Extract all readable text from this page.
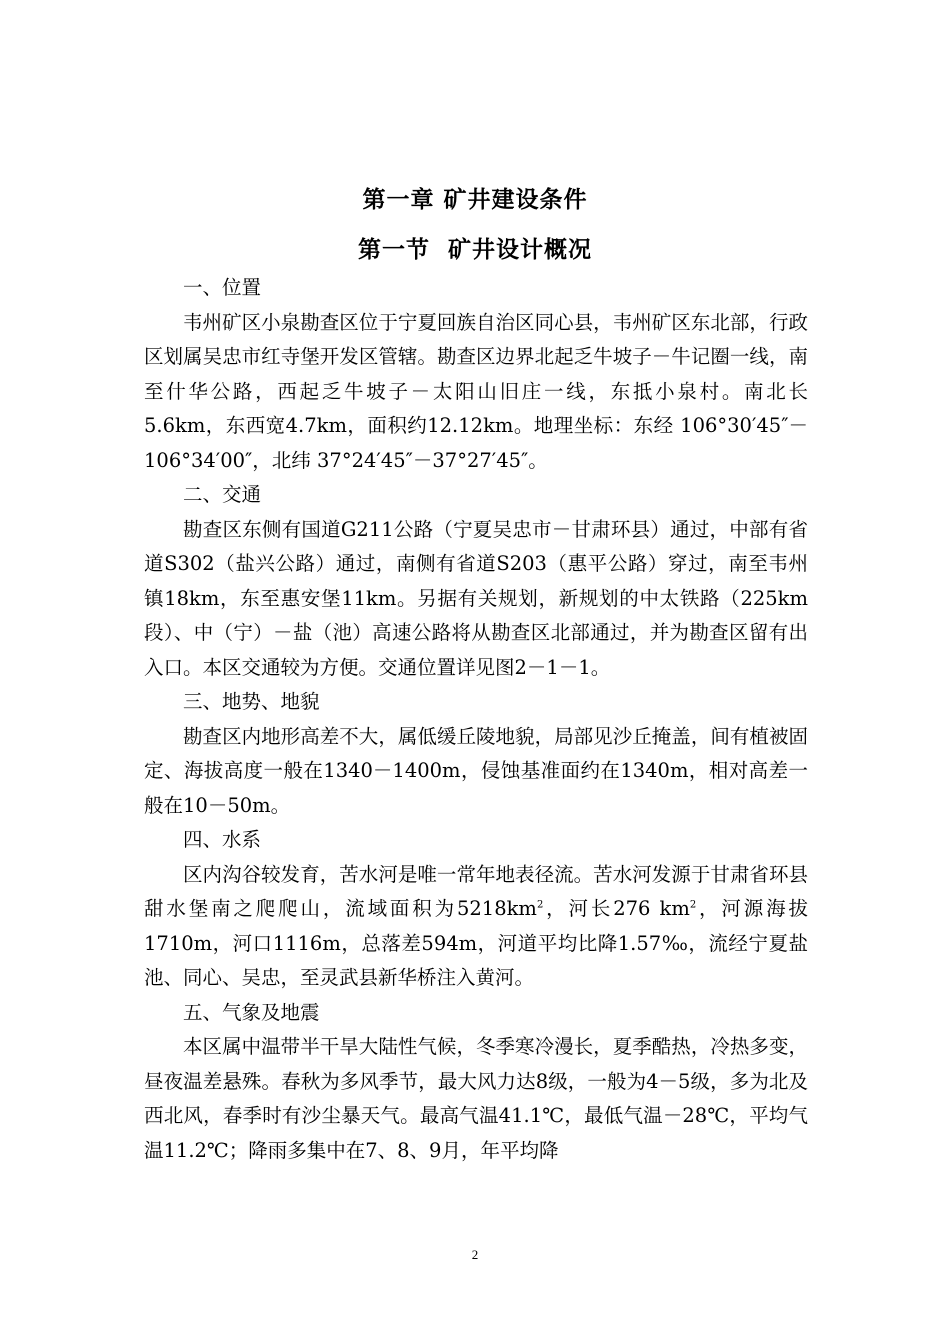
第一章 矿井建设条件
第一节  矿井设计概况

一、位置

韦州矿区小泉勘查区位于宁夏回族自治区同心县，韦州矿区东北部，行政区划属吴忠市红寺堡开发区管辖。勘查区边界北起乏牛坡子－牛记圈一线，南至什华公路，西起乏牛坡子－太阳山旧庄一线，东抵小泉村。南北长5.6km，东西宽4.7km，面积约12.12km。地理坐标：东经 106°30′45″－106°34′00″，北纬 37°24′45″－37°27′45″。

二、交通

勘查区东侧有国道G211公路（宁夏吴忠市－甘肃环县）通过，中部有省道S302（盐兴公路）通过，南侧有省道S203（惠平公路）穿过，南至韦州镇18km，东至惠安堡11km。另据有关规划，新规划的中太铁路（225km段）、中（宁）－盐（池）高速公路将从勘查区北部通过，并为勘查区留有出入口。本区交通较为方便。交通位置详见图2－1－1。

三、地势、地貌

勘查区内地形高差不大，属低缓丘陵地貌，局部见沙丘掩盖，间有植被固定、海拔高度一般在1340－1400m，侵蚀基准面约在1340m，相对高差一般在10－50m。

四、水系

区内沟谷较发育，苦水河是唯一常年地表径流。苦水河发源于甘肃省环县甜水堡南之爬爬山，流域面积为$5218km^2$，河长276 $km^2$，河源海拔1710m，河口1116m，总落差594m，河道平均比降1.57‰，流经宁夏盐池、同心、吴忠，至灵武县新华桥注入黄河。

五、气象及地震

本区属中温带半干旱大陆性气候，冬季寒冷漫长，夏季酷热，冷热多变，昼夜温差悬殊。春秋为多风季节，最大风力达8级，一般为4－5级，多为北及西北风，春季时有沙尘暴天气。最高气温41.1℃，最低气温－28℃，平均气温11.2℃；降雨多集中在7、8、9月，年平均降

2
